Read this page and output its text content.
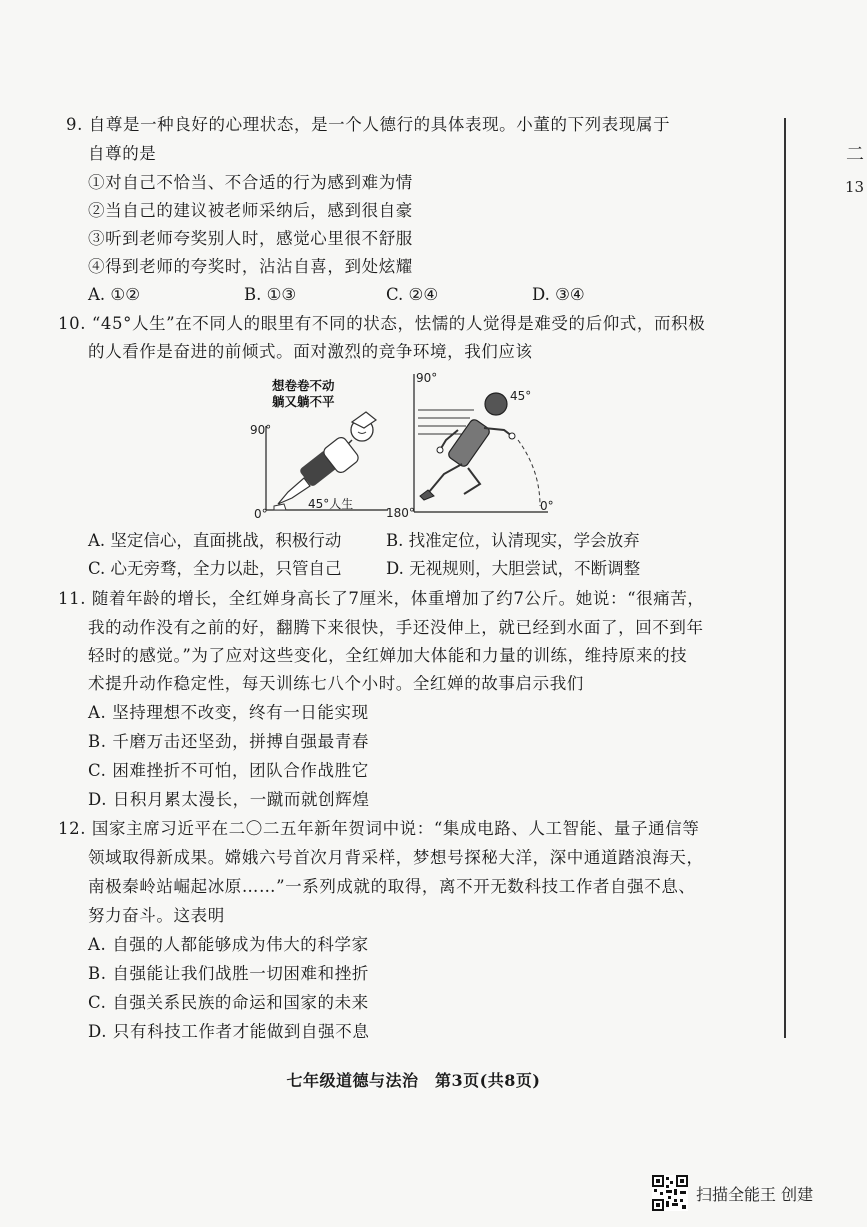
二
13
9. 自尊是一种良好的心理状态，是一个人德行的具体表现。小董的下列表现属于
自尊的是
①对自己不恰当、不合适的行为感到难为情
②当自己的建议被老师采纳后，感到很自豪
③听到老师夸奖别人时，感觉心里很不舒服
④得到老师的夸奖时，沾沾自喜，到处炫耀
A. ①②	B. ①③	C. ②④	D. ③④
10. “45°人生”在不同人的眼里有不同的状态，怯懦的人觉得是难受的后仰式，而积极
的人看作是奋进的前倾式。面对激烈的竞争环境，我们应该
想卷卷不动
躺又躺不平
90°
0°
45°人生
90°
180°	0°
45°
A. 坚定信心，直面挑战，积极行动	B. 找准定位，认清现实，学会放弃
C. 心无旁骛，全力以赴，只管自己	D. 无视规则，大胆尝试，不断调整
11. 随着年龄的增长，全红婵身高长了7厘米，体重增加了约7公斤。她说：“很痛苦，
我的动作没有之前的好，翻腾下来很快，手还没伸上，就已经到水面了，回不到年
轻时的感觉。”为了应对这些变化，全红婵加大体能和力量的训练，维持原来的技
术提升动作稳定性，每天训练七八个小时。全红婵的故事启示我们
A. 坚持理想不改变，终有一日能实现
B. 千磨万击还坚劲，拼搏自强最青春
C. 困难挫折不可怕，团队合作战胜它
D. 日积月累太漫长，一蹴而就创辉煌
12. 国家主席习近平在二〇二五年新年贺词中说：“集成电路、人工智能、量子通信等
领域取得新成果。嫦娥六号首次月背采样，梦想号探秘大洋，深中通道踏浪海天，
南极秦岭站崛起冰原……”一系列成就的取得，离不开无数科技工作者自强不息、
努力奋斗。这表明
A. 自强的人都能够成为伟大的科学家
B. 自强能让我们战胜一切困难和挫折
C. 自强关系民族的命运和国家的未来
D. 只有科技工作者才能做到自强不息
七年级道德与法治　第3页(共8页)
扫描全能王 创建
